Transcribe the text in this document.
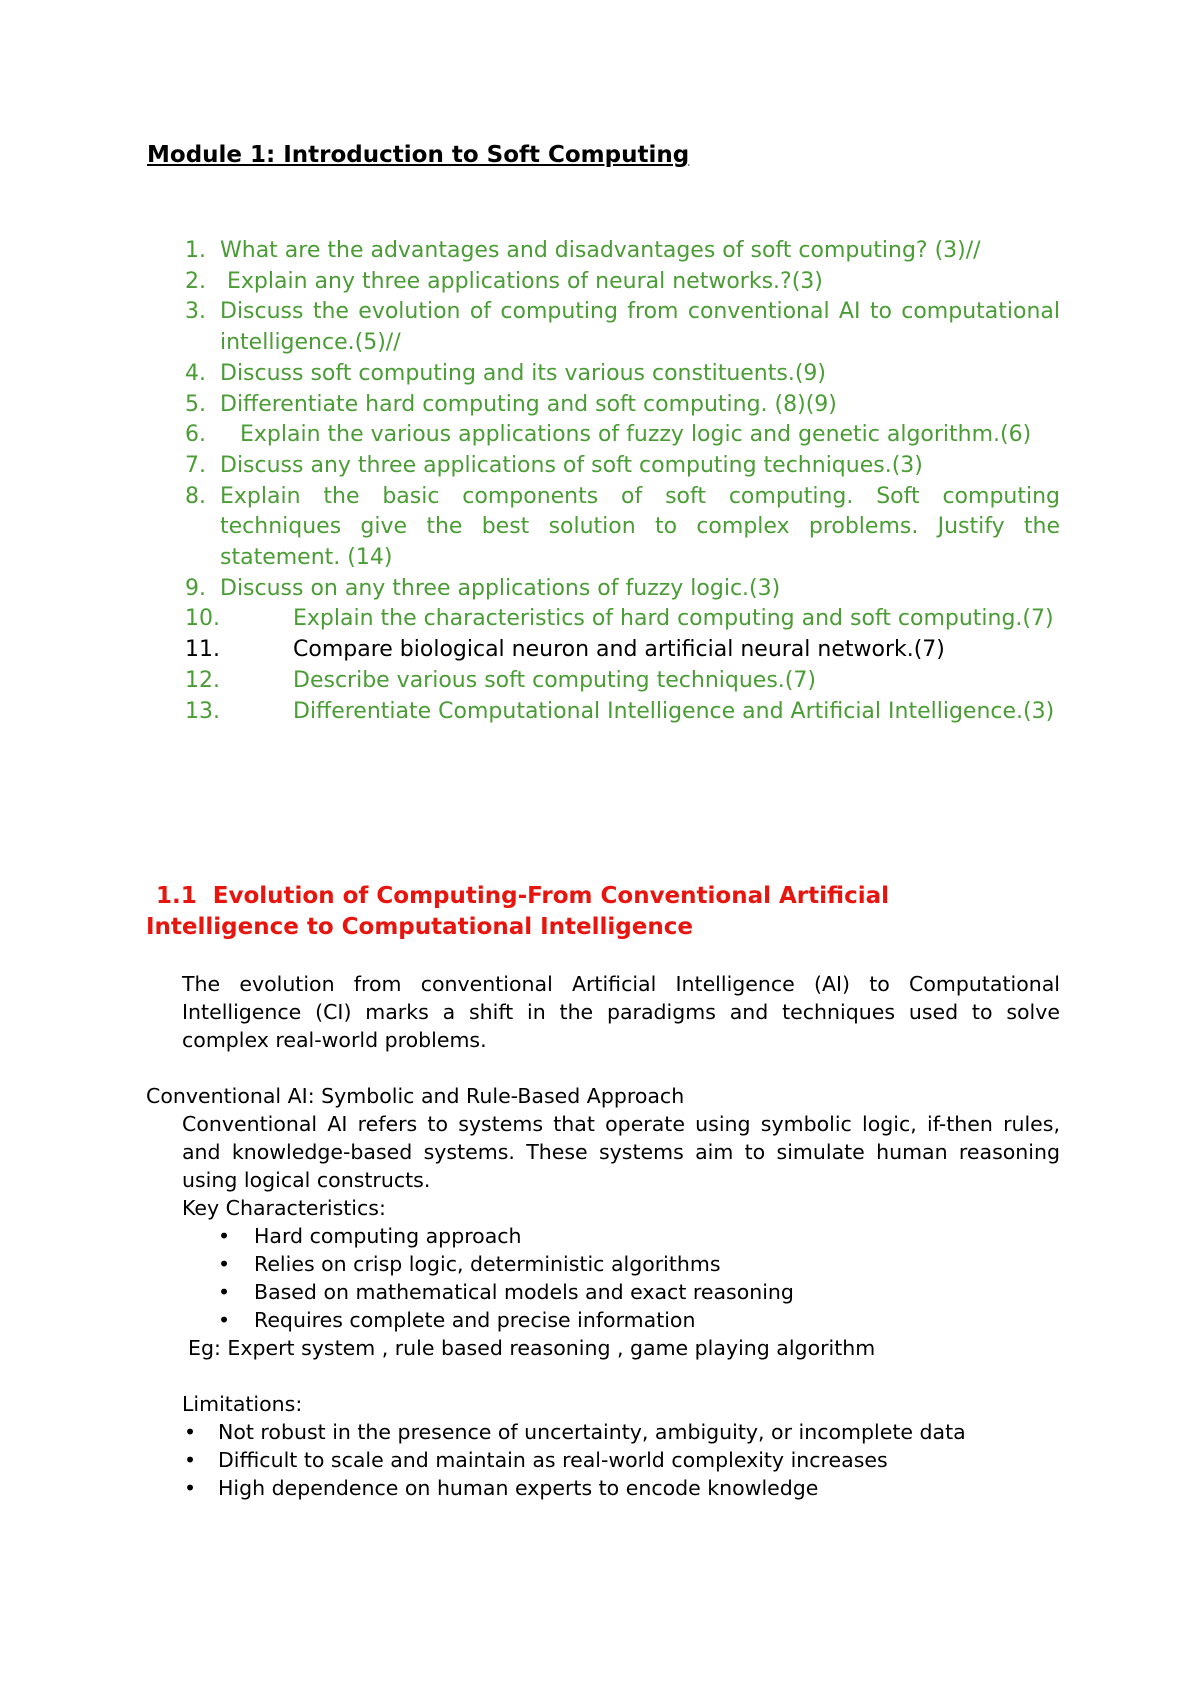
Module 1: Introduction to Soft Computing
1. What are the advantages and disadvantages of soft computing? (3)//
2. Explain any three applications of neural networks.?(3)
3. Discuss the evolution of computing from conventional AI to computational intelligence.(5)//
4. Discuss soft computing and its various constituents.(9)
5. Differentiate hard computing and soft computing. (8)(9)
6.	Explain the various applications of fuzzy logic and genetic algorithm.(6)
7. Discuss any three applications of soft computing techniques.(3)
8. Explain the basic components of soft computing. Soft computing techniques give the best solution to complex problems. Justify the statement. (14)
9. Discuss on any three applications of fuzzy logic.(3)
10.	Explain the characteristics of hard computing and soft computing.(7)
11.	Compare biological neuron and artificial neural network.(7)
12.	Describe various soft computing techniques.(7)
13.	Differentiate Computational Intelligence and Artificial Intelligence.(3)
1.1 Evolution of Computing-From Conventional Artificial Intelligence to Computational Intelligence
The evolution from conventional Artificial Intelligence (AI) to Computational Intelligence (CI) marks a shift in the paradigms and techniques used to solve complex real-world problems.
Conventional AI: Symbolic and Rule-Based Approach
Conventional AI refers to systems that operate using symbolic logic, if-then rules, and knowledge-based systems. These systems aim to simulate human reasoning using logical constructs.
Key Characteristics:
• Hard computing approach
• Relies on crisp logic, deterministic algorithms
• Based on mathematical models and exact reasoning
• Requires complete and precise information
Eg: Expert system , rule based reasoning , game playing algorithm
Limitations:
• Not robust in the presence of uncertainty, ambiguity, or incomplete data
• Difficult to scale and maintain as real-world complexity increases
• High dependence on human experts to encode knowledge
